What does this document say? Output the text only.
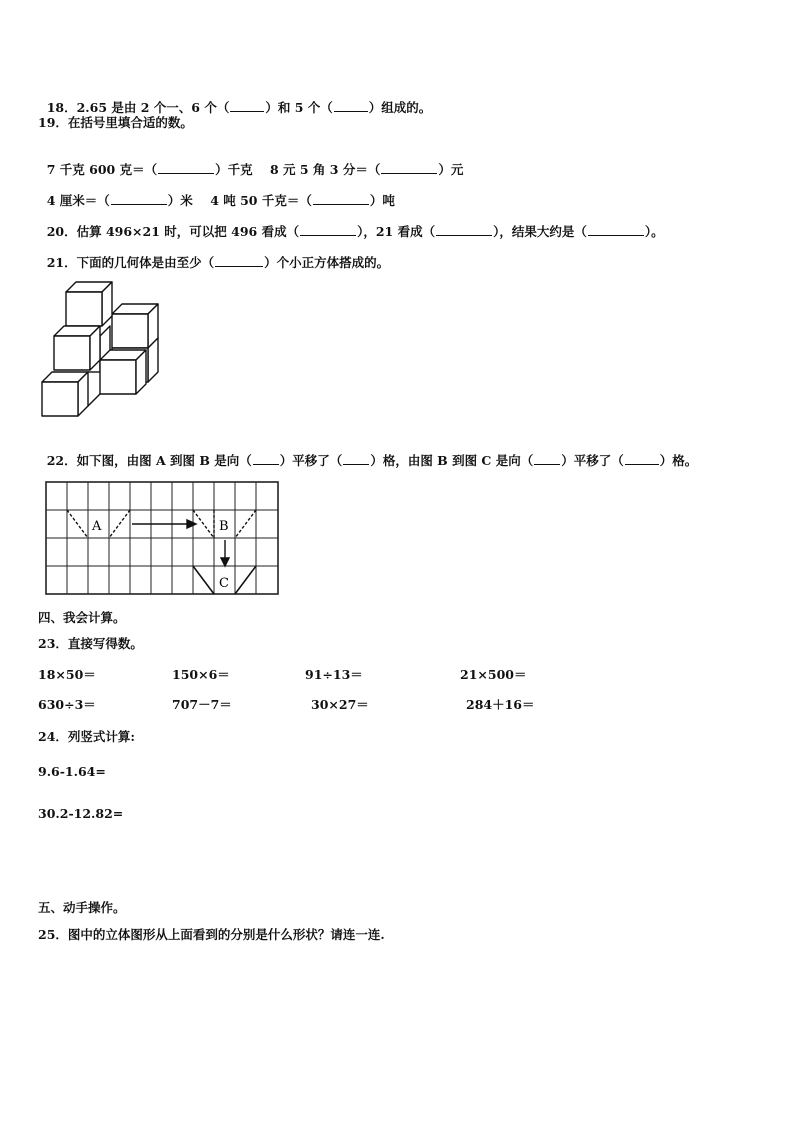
18．2.65 是由 2 个一、6 个（	）和 5 个（	）组成的。

19．在括号里填合适的数。

7 千克 600 克＝（	）千克    8 元 5 角 3 分＝（	）元

4 厘米＝（	）米    4 吨 50 千克＝（	）吨

20．估算 496×21 时，可以把 496 看成（	），21 看成（	），结果大约是（	）。

21．下面的几何体是由至少（	）个小正方体搭成的。

22．如下图，由图 A 到图 B 是向（ ）平移了（ ）格，由图 B 到图 C 是向（ ）平移了（	）格。

A	B
C
四、我会计算。
23．直接写得数。
18×50＝	150×6＝	91÷13＝	21×500＝
630÷3＝	707－7＝	30×27＝	284＋16＝
24．列竖式计算:
9.6-1.64=
30.2-12.82=
五、动手操作。
25．图中的立体图形从上面看到的分别是什么形状？请连一连.
